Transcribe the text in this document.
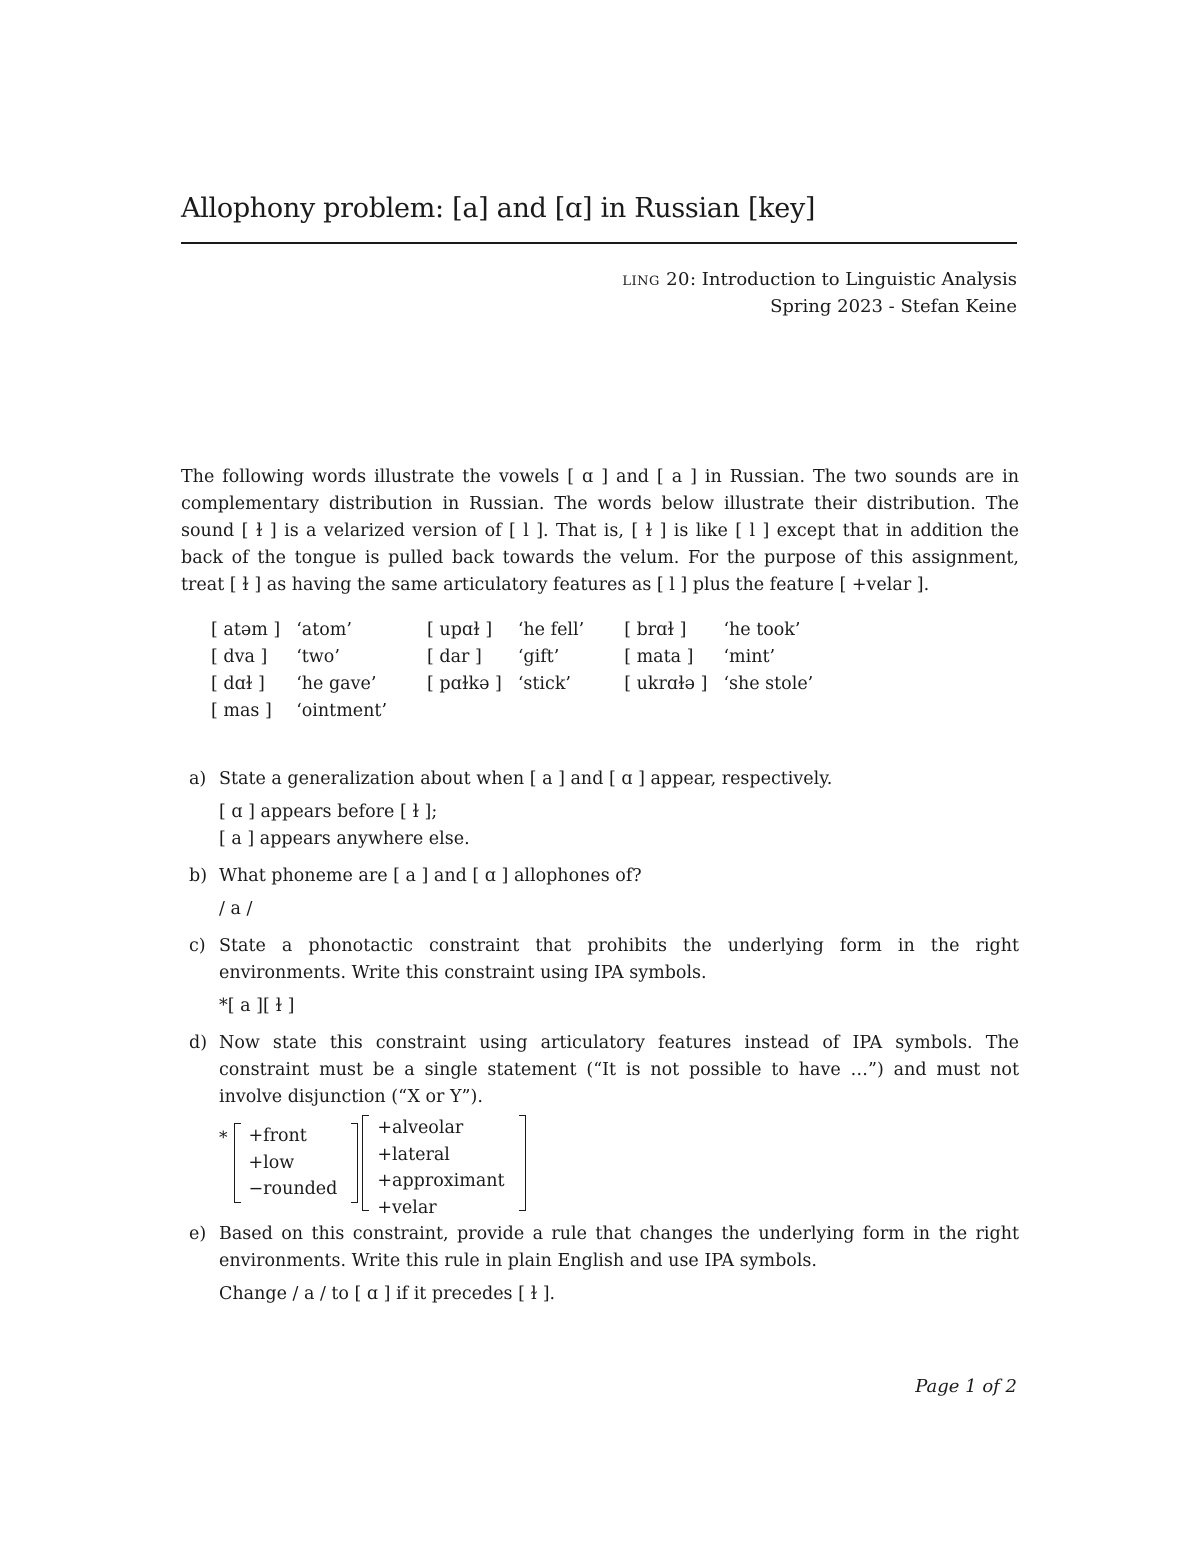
Allophony problem: [a] and [ɑ] in Russian [key]
ling 20: Introduction to Linguistic Analysis
Spring 2023 - Stefan Keine
The following words illustrate the vowels [ ɑ ] and [ a ] in Russian. The two sounds are in complementary distribution in Russian. The words below illustrate their distribution. The sound [ ɫ ] is a velarized version of [ l ]. That is, [ ɫ ] is like [ l ] except that in addition the back of the tongue is pulled back towards the velum. For the purpose of this assignment, treat [ ɫ ] as having the same articulatory features as [ l ] plus the feature [ +velar ].
[ atəm ]	‘atom’	[ upɑɫ ]	‘he fell’	[ brɑɫ ]	‘he took’
[ dva ]	‘two’	[ dar ]	‘gift’	[ mata ]	‘mint’
[ dɑɫ ]	‘he gave’	[ pɑɫkə ]	‘stick’	[ ukrɑɫə ]	‘she stole’
[ mas ]	‘ointment’				
a) State a generalization about when [ a ] and [ ɑ ] appear, respectively.
[ ɑ ] appears before [ ɫ ];
[ a ] appears anywhere else.
b) What phoneme are [ a ] and [ ɑ ] allophones of?
/ a /
c) State a phonotactic constraint that prohibits the underlying form in the right environments. Write this constraint using IPA symbols.
*[ a ][ ɫ ]
d) Now state this constraint using articulatory features instead of IPA symbols. The constraint must be a single statement (“It is not possible to have …”) and must not involve disjunction (“X or Y”).
* +front
+low
−rounded
+alveolar
+lateral
+approximant
+velar
e) Based on this constraint, provide a rule that changes the underlying form in the right environments. Write this rule in plain English and use IPA symbols.
Change / a / to [ ɑ ] if it precedes [ ɫ ].
Page 1 of 2
